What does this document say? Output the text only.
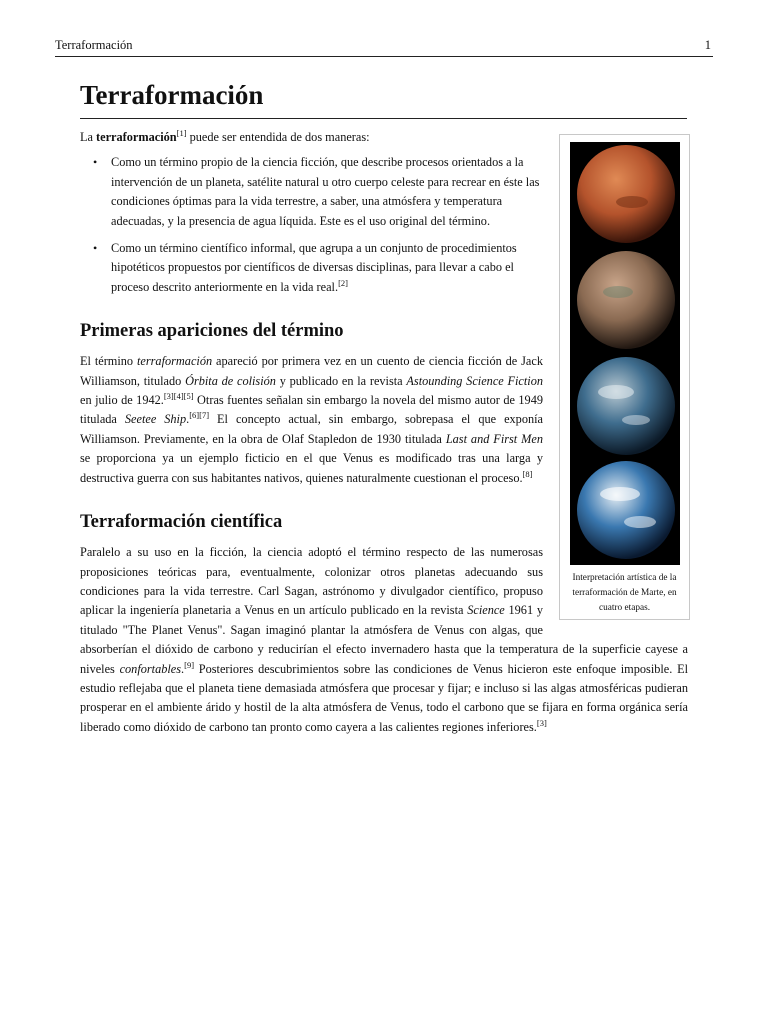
Terraformación	1
Terraformación
Interpretación artística de la terraformación de Marte, en cuatro etapas.

La terraformación[1] puede ser entendida de dos maneras:

• Como un término propio de la ciencia ficción, que describe procesos orientados a la intervención de un planeta, satélite natural u otro cuerpo celeste para recrear en éste las condiciones óptimas para la vida terrestre, a saber, una atmósfera y temperatura adecuadas, y la presencia de agua líquida. Este es el uso original del término.
• Como un término científico informal, que agrupa a un conjunto de procedimientos hipotéticos propuestos por científicos de diversas disciplinas, para llevar a cabo el proceso descrito anteriormente en la vida real.[2]
Primeras apariciones del término

El término terraformación apareció por primera vez en un cuento de ciencia ficción de Jack Williamson, titulado Órbita de colisión y publicado en la revista Astounding Science Fiction en julio de 1942.[3][4][5] Otras fuentes señalan sin embargo la novela del mismo autor de 1949 titulada Seetee Ship.[6][7] El concepto actual, sin embargo, sobrepasa el que exponía Williamson. Previamente, en la obra de Olaf Stapledon de 1930 titulada Last and First Men se proporciona ya un ejemplo ficticio en el que Venus es modificado tras una larga y destructiva guerra con sus habitantes nativos, quienes naturalmente cuestionan el proceso.[8]

Terraformación científica

Paralelo a su uso en la ficción, la ciencia adoptó el término respecto de las numerosas proposiciones teóricas para, eventualmente, colonizar otros planetas adecuando sus condiciones para la vida terrestre. Carl Sagan, astrónomo y divulgador científico, propuso aplicar la ingeniería planetaria a Venus en un artículo publicado en la revista Science 1961 y titulado "The Planet Venus". Sagan imaginó plantar la atmósfera de Venus con algas, que absorberían el dióxido de carbono y reducirían el efecto invernadero hasta que la temperatura de la superficie cayese a niveles confortables.[9] Posteriores descubrimientos sobre las condiciones de Venus hicieron este enfoque imposible. El estudio reflejaba que el planeta tiene demasiada atmósfera que procesar y fijar; e incluso si las algas atmosféricas pudieran prosperar en el ambiente árido y hostil de la alta atmósfera de Venus, todo el carbono que se fijara en forma orgánica sería liberado como dióxido de carbono tan pronto como cayera a las calientes regiones inferiores.[3]
